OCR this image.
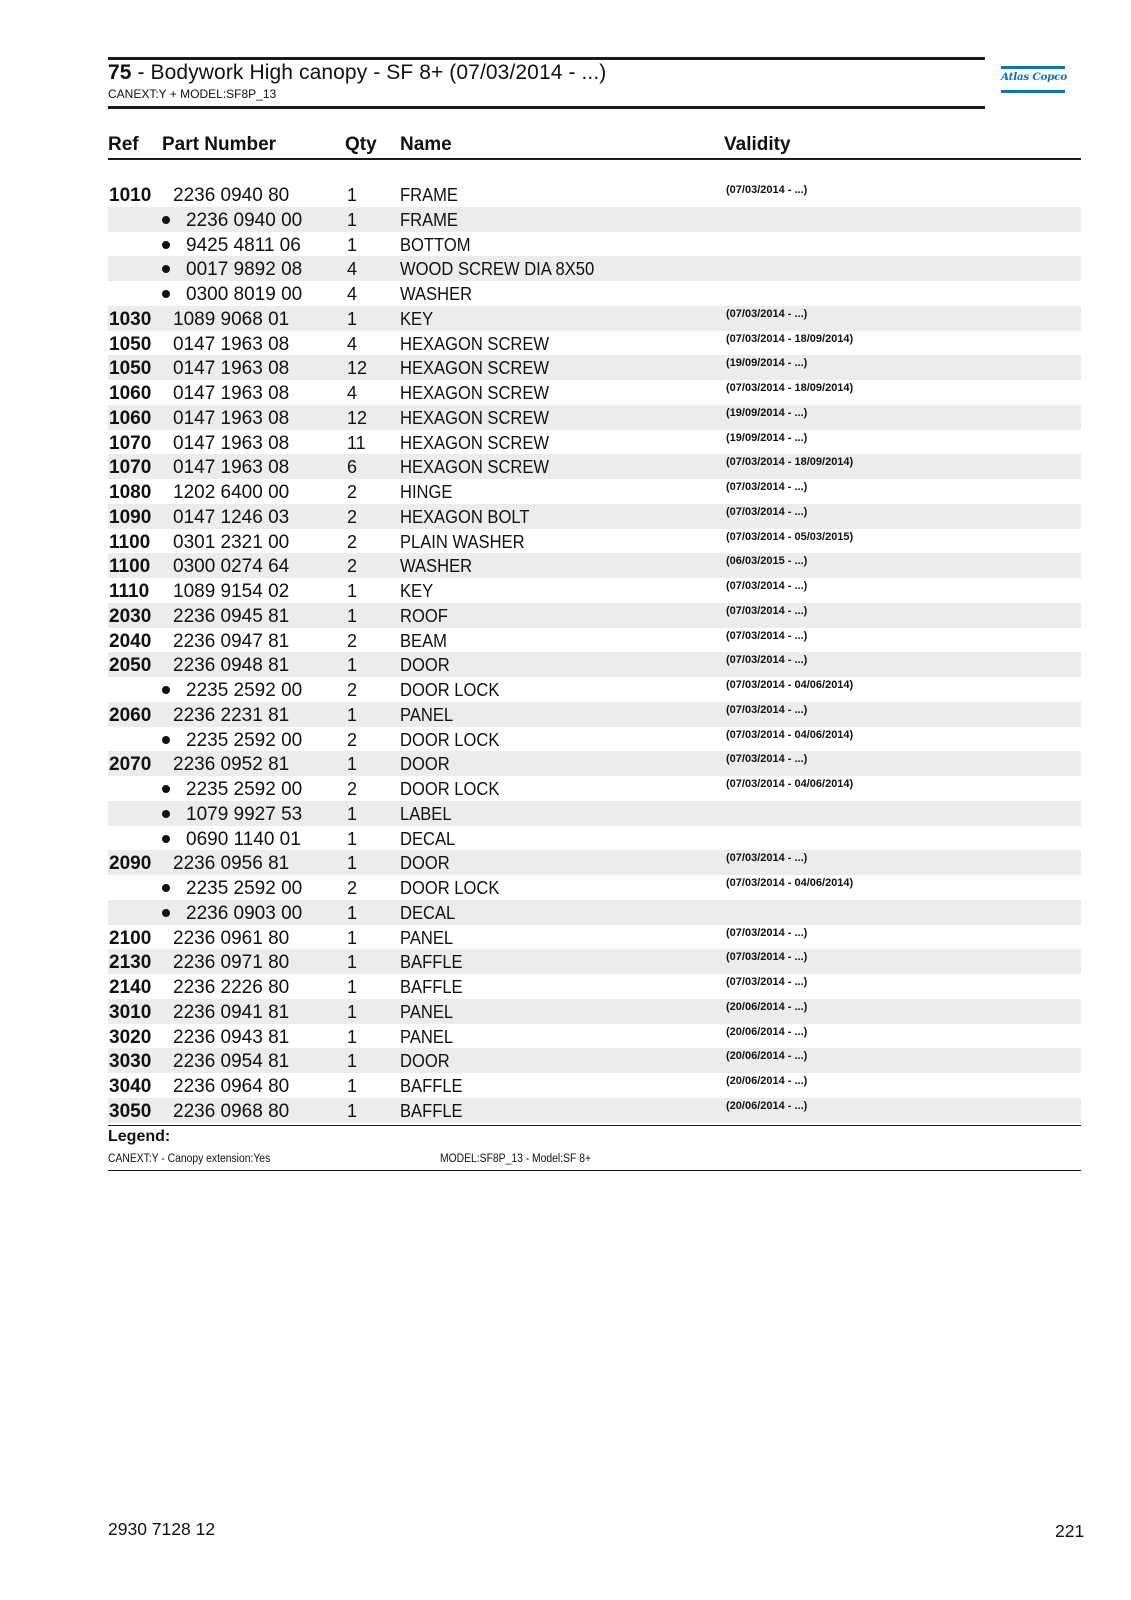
75 - Bodywork High canopy - SF 8+ (07/03/2014 - ...)
CANEXT:Y + MODEL:SF8P_13
Atlas Copco
Ref Part Number	Qty Name	Validity
1010 2236 0940 80	1 FRAME	(07/03/2014 - ...)
2236 0940 00 1 FRAME
9425 4811 06	1 BOTTOM
0017 9892 08 4 WOOD SCREW DIA 8X50
0300 8019 00 4 WASHER
1030 1089 9068 01	1 KEY	(07/03/2014 - ...)
1050 0147 1963 08	4 HEXAGON SCREW	(07/03/2014 - 18/09/2014)
1050 0147 1963 08	12 HEXAGON SCREW	(19/09/2014 - ...)
1060 0147 1963 08	4 HEXAGON SCREW	(07/03/2014 - 18/09/2014)
1060 0147 1963 08	12 HEXAGON SCREW	(19/09/2014 - ...)
1070 0147 1963 08	11 HEXAGON SCREW	(19/09/2014 - ...)
1070 0147 1963 08	6 HEXAGON SCREW	(07/03/2014 - 18/09/2014)
1080 1202 6400 00	2 HINGE	(07/03/2014 - ...)
1090 0147 1246 03	2 HEXAGON BOLT	(07/03/2014 - ...)
1100 0301 2321 00	2 PLAIN WASHER	(07/03/2014 - 05/03/2015)
1100 0300 0274 64	2 WASHER	(06/03/2015 - ...)
1110 1089 9154 02	1 KEY	(07/03/2014 - ...)
2030 2236 0945 81	1 ROOF	(07/03/2014 - ...)
2040 2236 0947 81	2 BEAM	(07/03/2014 - ...)
2050 2236 0948 81	1 DOOR	(07/03/2014 - ...)
2235 2592 00 2 DOOR LOCK	(07/03/2014 - 04/06/2014)
2060 2236 2231 81	1 PANEL	(07/03/2014 - ...)
2235 2592 00 2 DOOR LOCK	(07/03/2014 - 04/06/2014)
2070 2236 0952 81	1 DOOR	(07/03/2014 - ...)
2235 2592 00 2 DOOR LOCK	(07/03/2014 - 04/06/2014)
1079 9927 53 1 LABEL
0690 1140 01	1 DECAL
2090 2236 0956 81	1 DOOR	(07/03/2014 - ...)
2235 2592 00 2 DOOR LOCK	(07/03/2014 - 04/06/2014)
2236 0903 00 1 DECAL
2100 2236 0961 80	1 PANEL	(07/03/2014 - ...)
2130 2236 0971 80	1 BAFFLE	(07/03/2014 - ...)
2140 2236 2226 80	1 BAFFLE	(07/03/2014 - ...)
3010 2236 0941 81	1 PANEL	(20/06/2014 - ...)
3020 2236 0943 81	1 PANEL	(20/06/2014 - ...)
3030 2236 0954 81	1 DOOR	(20/06/2014 - ...)
3040 2236 0964 80	1 BAFFLE	(20/06/2014 - ...)
3050 2236 0968 80	1 BAFFLE	(20/06/2014 - ...)
Legend:
CANEXT:Y - Canopy extension:Yes	MODEL:SF8P_13 - Model:SF 8+
2930 7128 12	221
